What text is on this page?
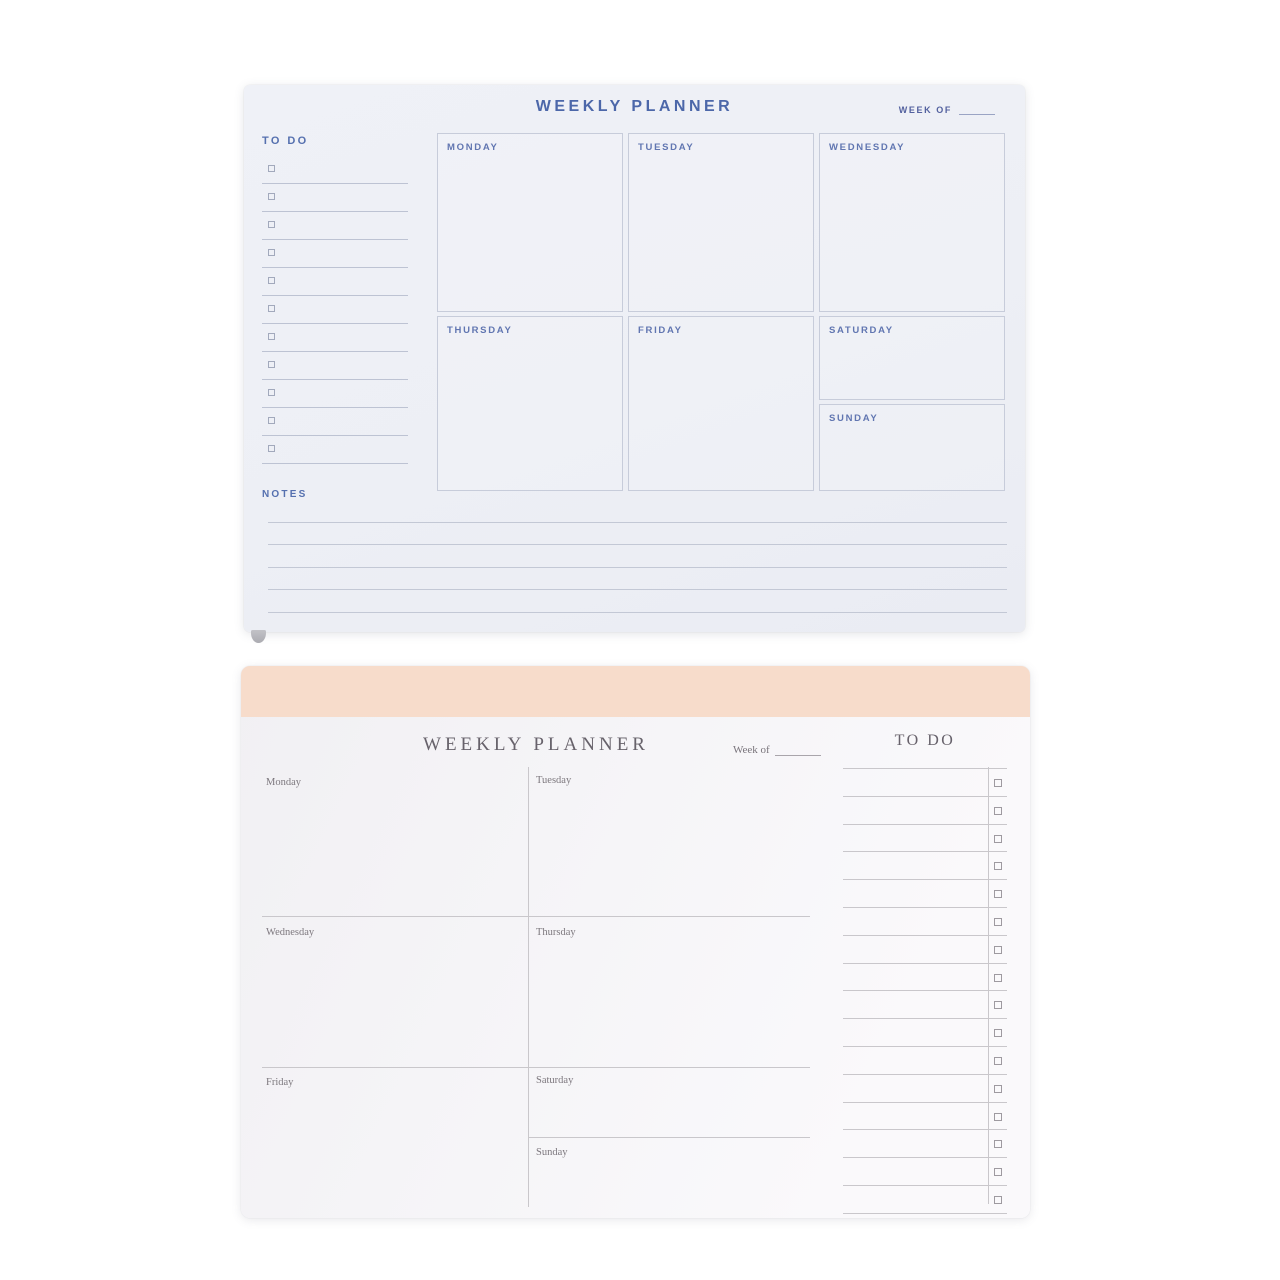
WEEKLY PLANNER	WEEK OF
TO DO
MONDAY	TUESDAY	WEDNESDAY
THURSDAY	FRIDAY	SATURDAY
SUNDAY
NOTES
WEEKLY PLANNER	Week of
TO DO
Monday	Tuesday
Wednesday	Thursday
Friday	Saturday
Sunday
